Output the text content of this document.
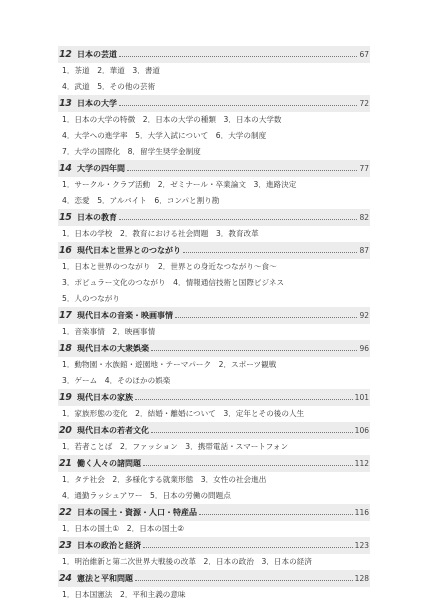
12 日本の芸道	67
1．茶道　2．華道　3．書道
4．武道　5．その他の芸術
13 日本の大学	72
1．日本の大学の特徴　2．日本の大学の種類　3．日本の大学数
4．大学への進学率　5．大学入試について　6．大学の制度
7．大学の国際化　8．留学生奨学金制度
14 大学の四年間	77
1．サークル・クラブ活動　2．ゼミナール・卒業論文　3．進路決定
4．恋愛　5．アルバイト　6．コンパと割り勘
15 日本の教育	82
1．日本の学校　2．教育における社会問題　3．教育改革
16 現代日本と世界とのつながり	87
1．日本と世界のつながり　2．世界との身近なつながり～食～
3．ポピュラー文化のつながり　4．情報通信技術と国際ビジネス
5．人のつながり
17 現代日本の音楽・映画事情	92
1．音楽事情　2．映画事情
18 現代日本の大衆娯楽	96
1．動物園・水族館・遊園地・テーマパーク　2．スポーツ観戦
3．ゲーム　4．そのほかの娯楽
19 現代日本の家族	101
1．家族形態の変化　2．結婚・離婚について　3．定年とその後の人生
20 現代日本の若者文化	106
1．若者ことば　2．ファッション　3．携帯電話・スマートフォン
21 働く人々の諸問題	112
1．タテ社会　2．多様化する就業形態　3．女性の社会進出
4．通勤ラッシュアワー　5．日本の労働の問題点
22 日本の国土・資源・人口・特産品	116
1．日本の国土①　2．日本の国土②
23 日本の政治と経済	123
1．明治維新と第二次世界大戦後の改革　2．日本の政治　3．日本の経済
24 憲法と平和問題	128
1．日本国憲法　2．平和主義の意味
